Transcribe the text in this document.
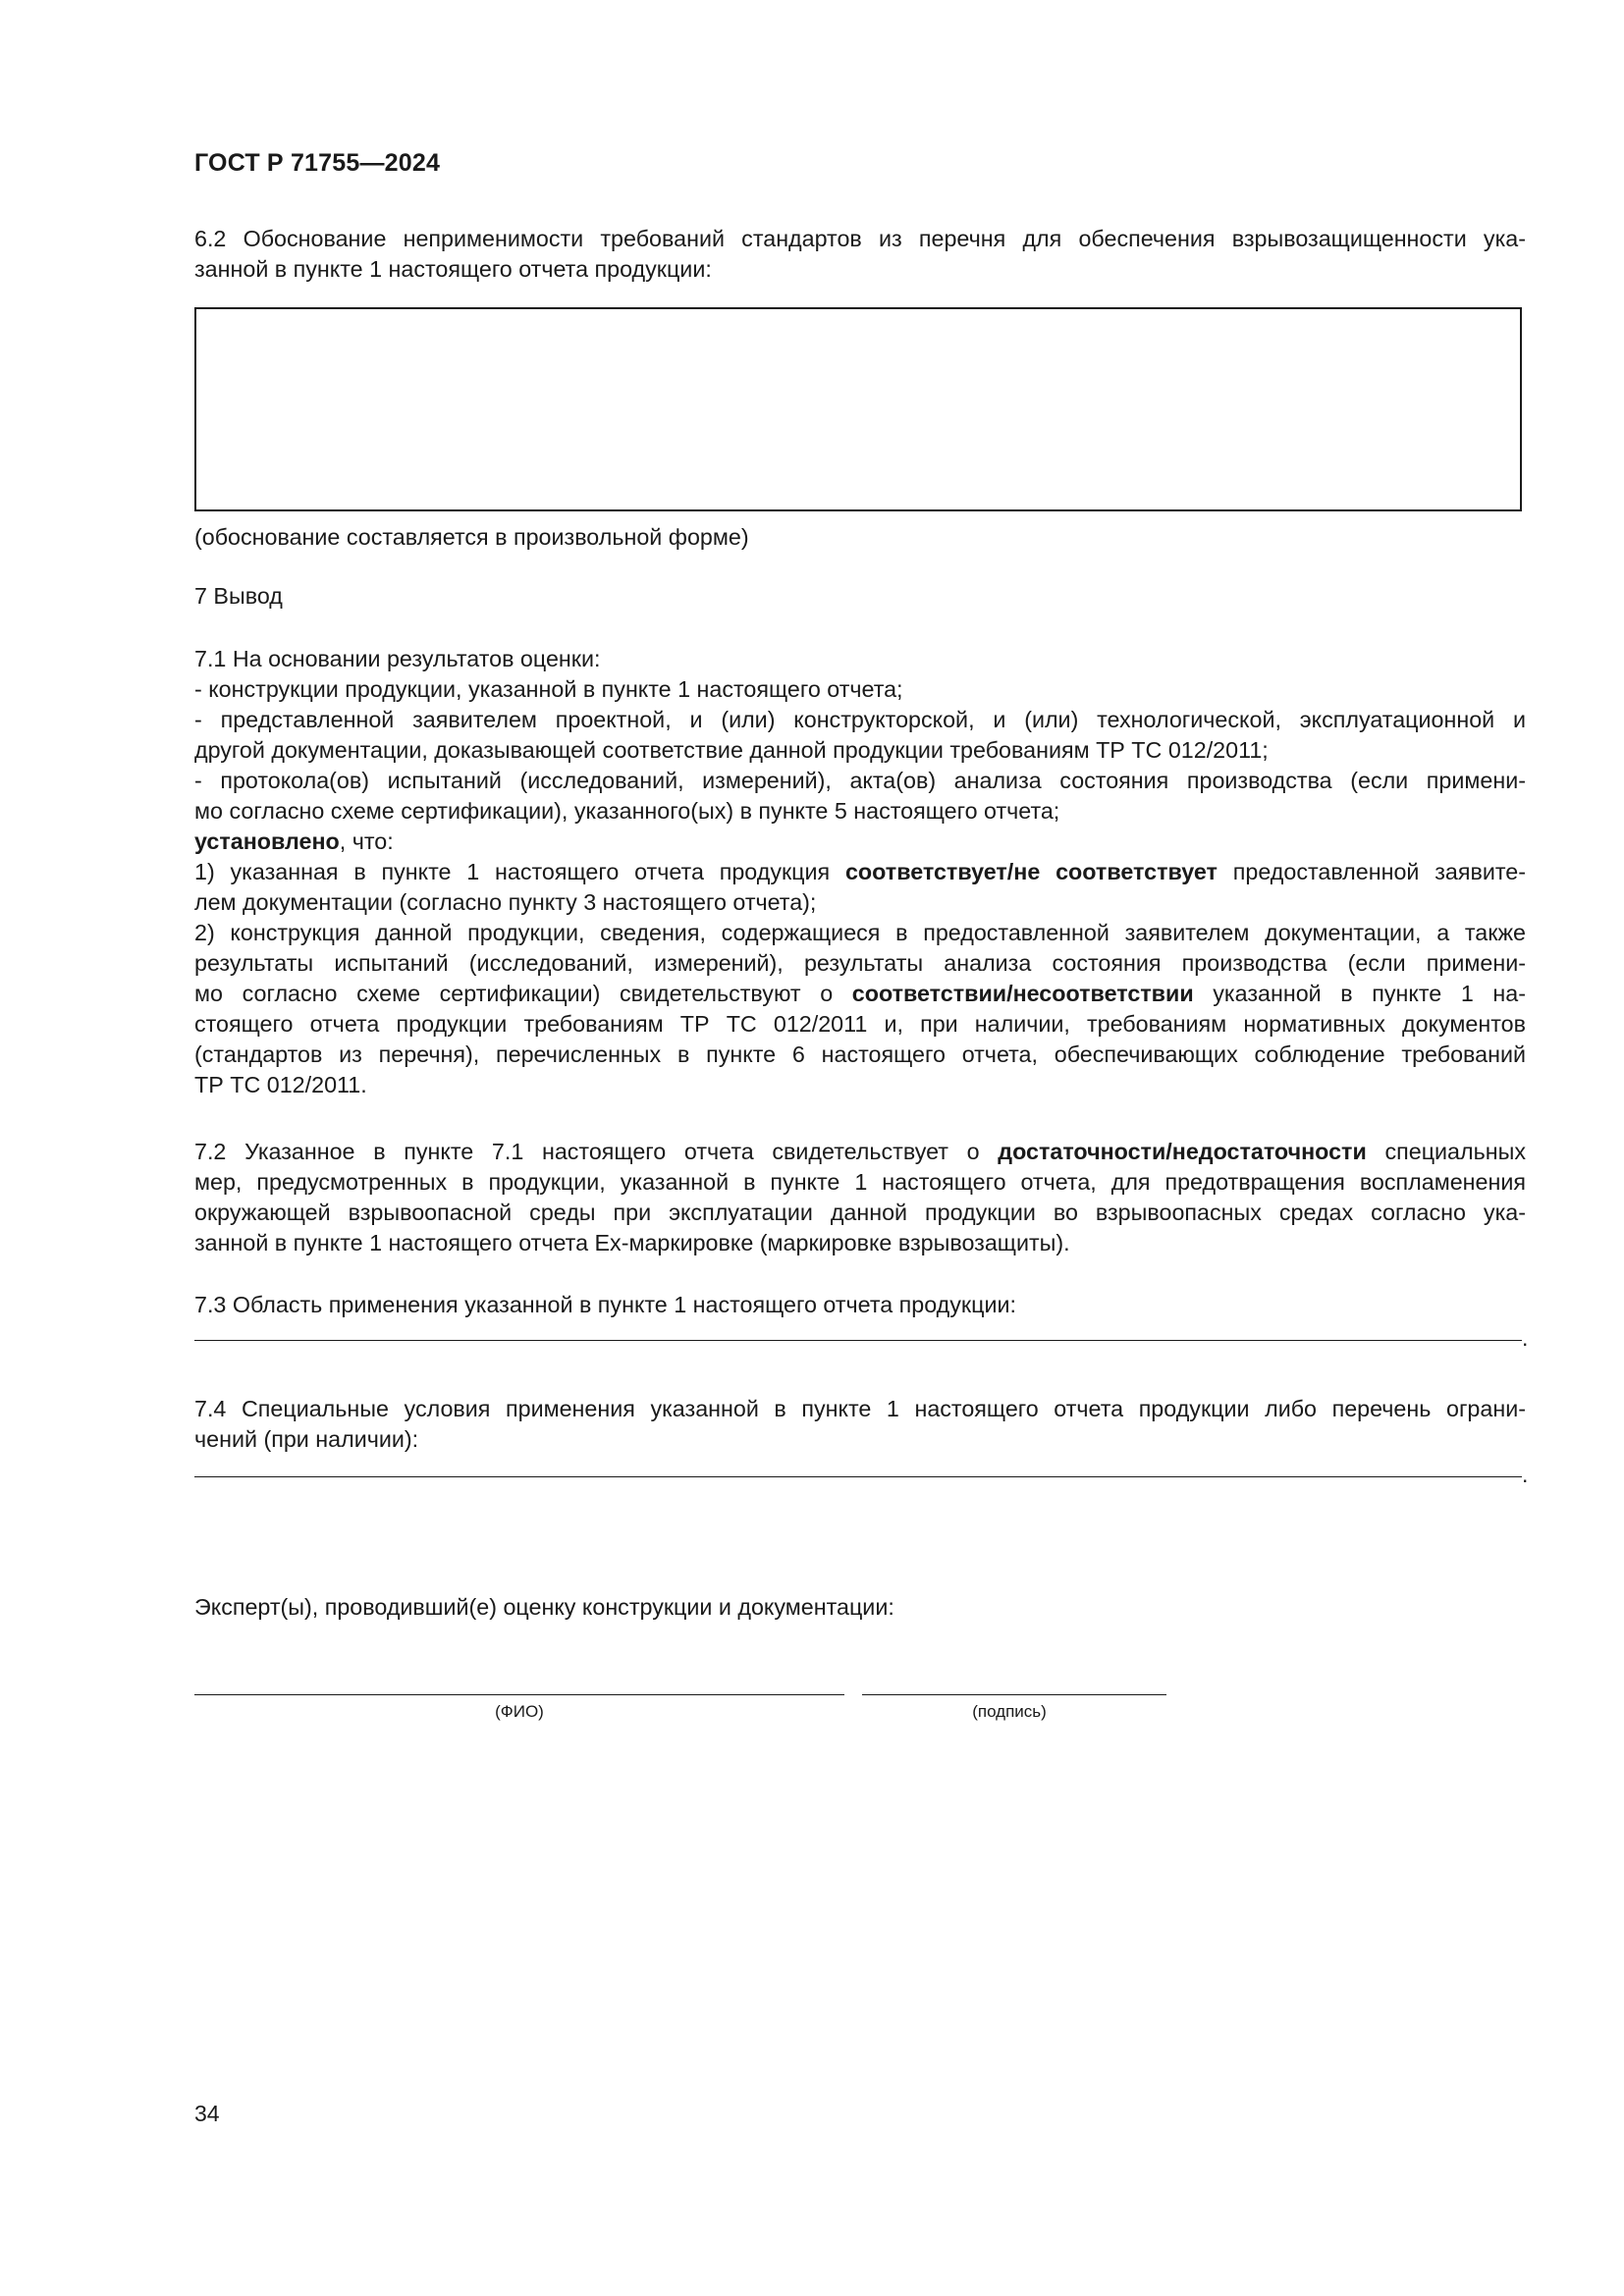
ГОСТ Р 71755—2024
6.2 Обоснование неприменимости требований стандартов из перечня для обеспечения взрывозащищенности ука-
занной в пункте 1 настоящего отчета продукции:
(обоснование составляется в произвольной форме)
7 Вывод
7.1 На основании результатов оценки:
- конструкции продукции, указанной в пункте 1 настоящего отчета;
- представленной заявителем проектной, и (или) конструкторской, и (или) технологической, эксплуатационной и
другой документации, доказывающей соответствие данной продукции требованиям ТР ТС 012/2011;
- протокола(ов) испытаний (исследований, измерений), акта(ов) анализа состояния производства (если примени-
мо согласно схеме сертификации), указанного(ых) в пункте 5 настоящего отчета;
установлено, что:
1) указанная в пункте 1 настоящего отчета продукция соответствует/не соответствует предоставленной заявите-
лем документации (согласно пункту 3 настоящего отчета);
2) конструкция данной продукции, сведения, содержащиеся в предоставленной заявителем документации, а также
результаты испытаний (исследований, измерений), результаты анализа состояния производства (если примени-
мо согласно схеме сертификации) свидетельствуют о соответствии/несоответствии указанной в пункте 1 на-
стоящего отчета продукции требованиям ТР ТС 012/2011 и, при наличии, требованиям нормативных документов
(стандартов из перечня), перечисленных в пункте 6 настоящего отчета, обеспечивающих соблюдение требований
ТР ТС 012/2011.
7.2 Указанное в пункте 7.1 настоящего отчета свидетельствует о достаточности/недостаточности специальных
мер, предусмотренных в продукции, указанной в пункте 1 настоящего отчета, для предотвращения воспламенения
окружающей взрывоопасной среды при эксплуатации данной продукции во взрывоопасных средах согласно ука-
занной в пункте 1 настоящего отчета Ex-маркировке (маркировке взрывозащиты).
7.3 Область применения указанной в пункте 1 настоящего отчета продукции:
.
7.4 Специальные условия применения указанной в пункте 1 настоящего отчета продукции либо перечень ограни-
чений (при наличии):
.
Эксперт(ы), проводивший(е) оценку конструкции и документации:
(ФИО)	(подпись)
34
